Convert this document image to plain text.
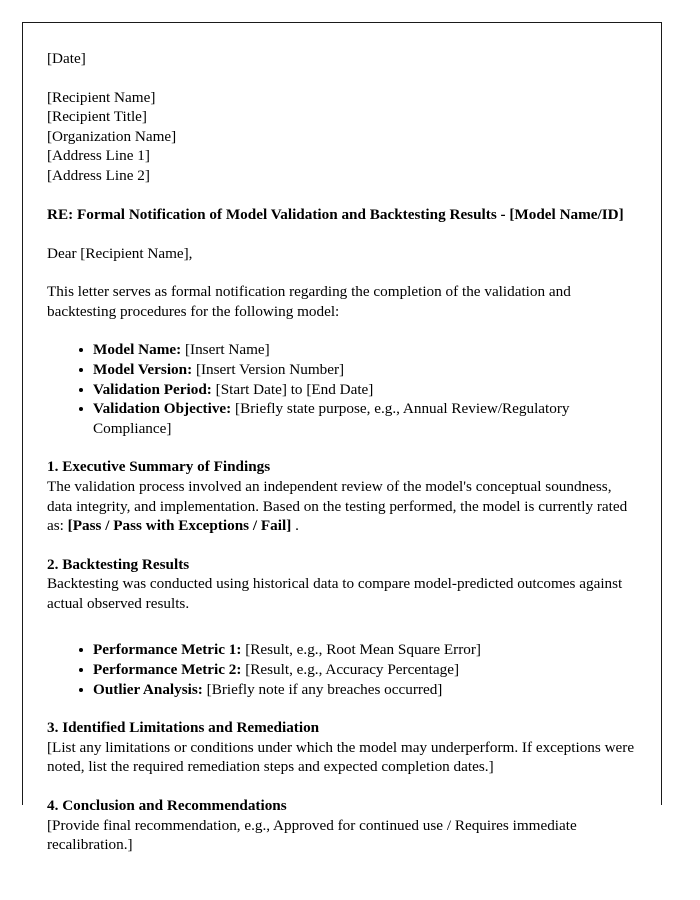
[Date]

[Recipient Name]
[Recipient Title]
[Organization Name]
[Address Line 1]
[Address Line 2]

RE: Formal Notification of Model Validation and Backtesting Results - [Model Name/ID]

Dear [Recipient Name],

This letter serves as formal notification regarding the completion of the validation and backtesting procedures for the following model:

Model Name: [Insert Name]
Model Version: [Insert Version Number]
Validation Period: [Start Date] to [End Date]
Validation Objective: [Briefly state purpose, e.g., Annual Review/Regulatory Compliance]

1. Executive Summary of Findings

The validation process involved an independent review of the model's conceptual soundness, data integrity, and implementation. Based on the testing performed, the model is currently rated as: [Pass / Pass with Exceptions / Fail] .

2. Backtesting Results

Backtesting was conducted using historical data to compare model-predicted outcomes against actual observed results.

Performance Metric 1: [Result, e.g., Root Mean Square Error]
Performance Metric 2: [Result, e.g., Accuracy Percentage]
Outlier Analysis: [Briefly note if any breaches occurred]

3. Identified Limitations and Remediation

[List any limitations or conditions under which the model may underperform. If exceptions were noted, list the required remediation steps and expected completion dates.]

4. Conclusion and Recommendations

[Provide final recommendation, e.g., Approved for continued use / Requires immediate recalibration.]
